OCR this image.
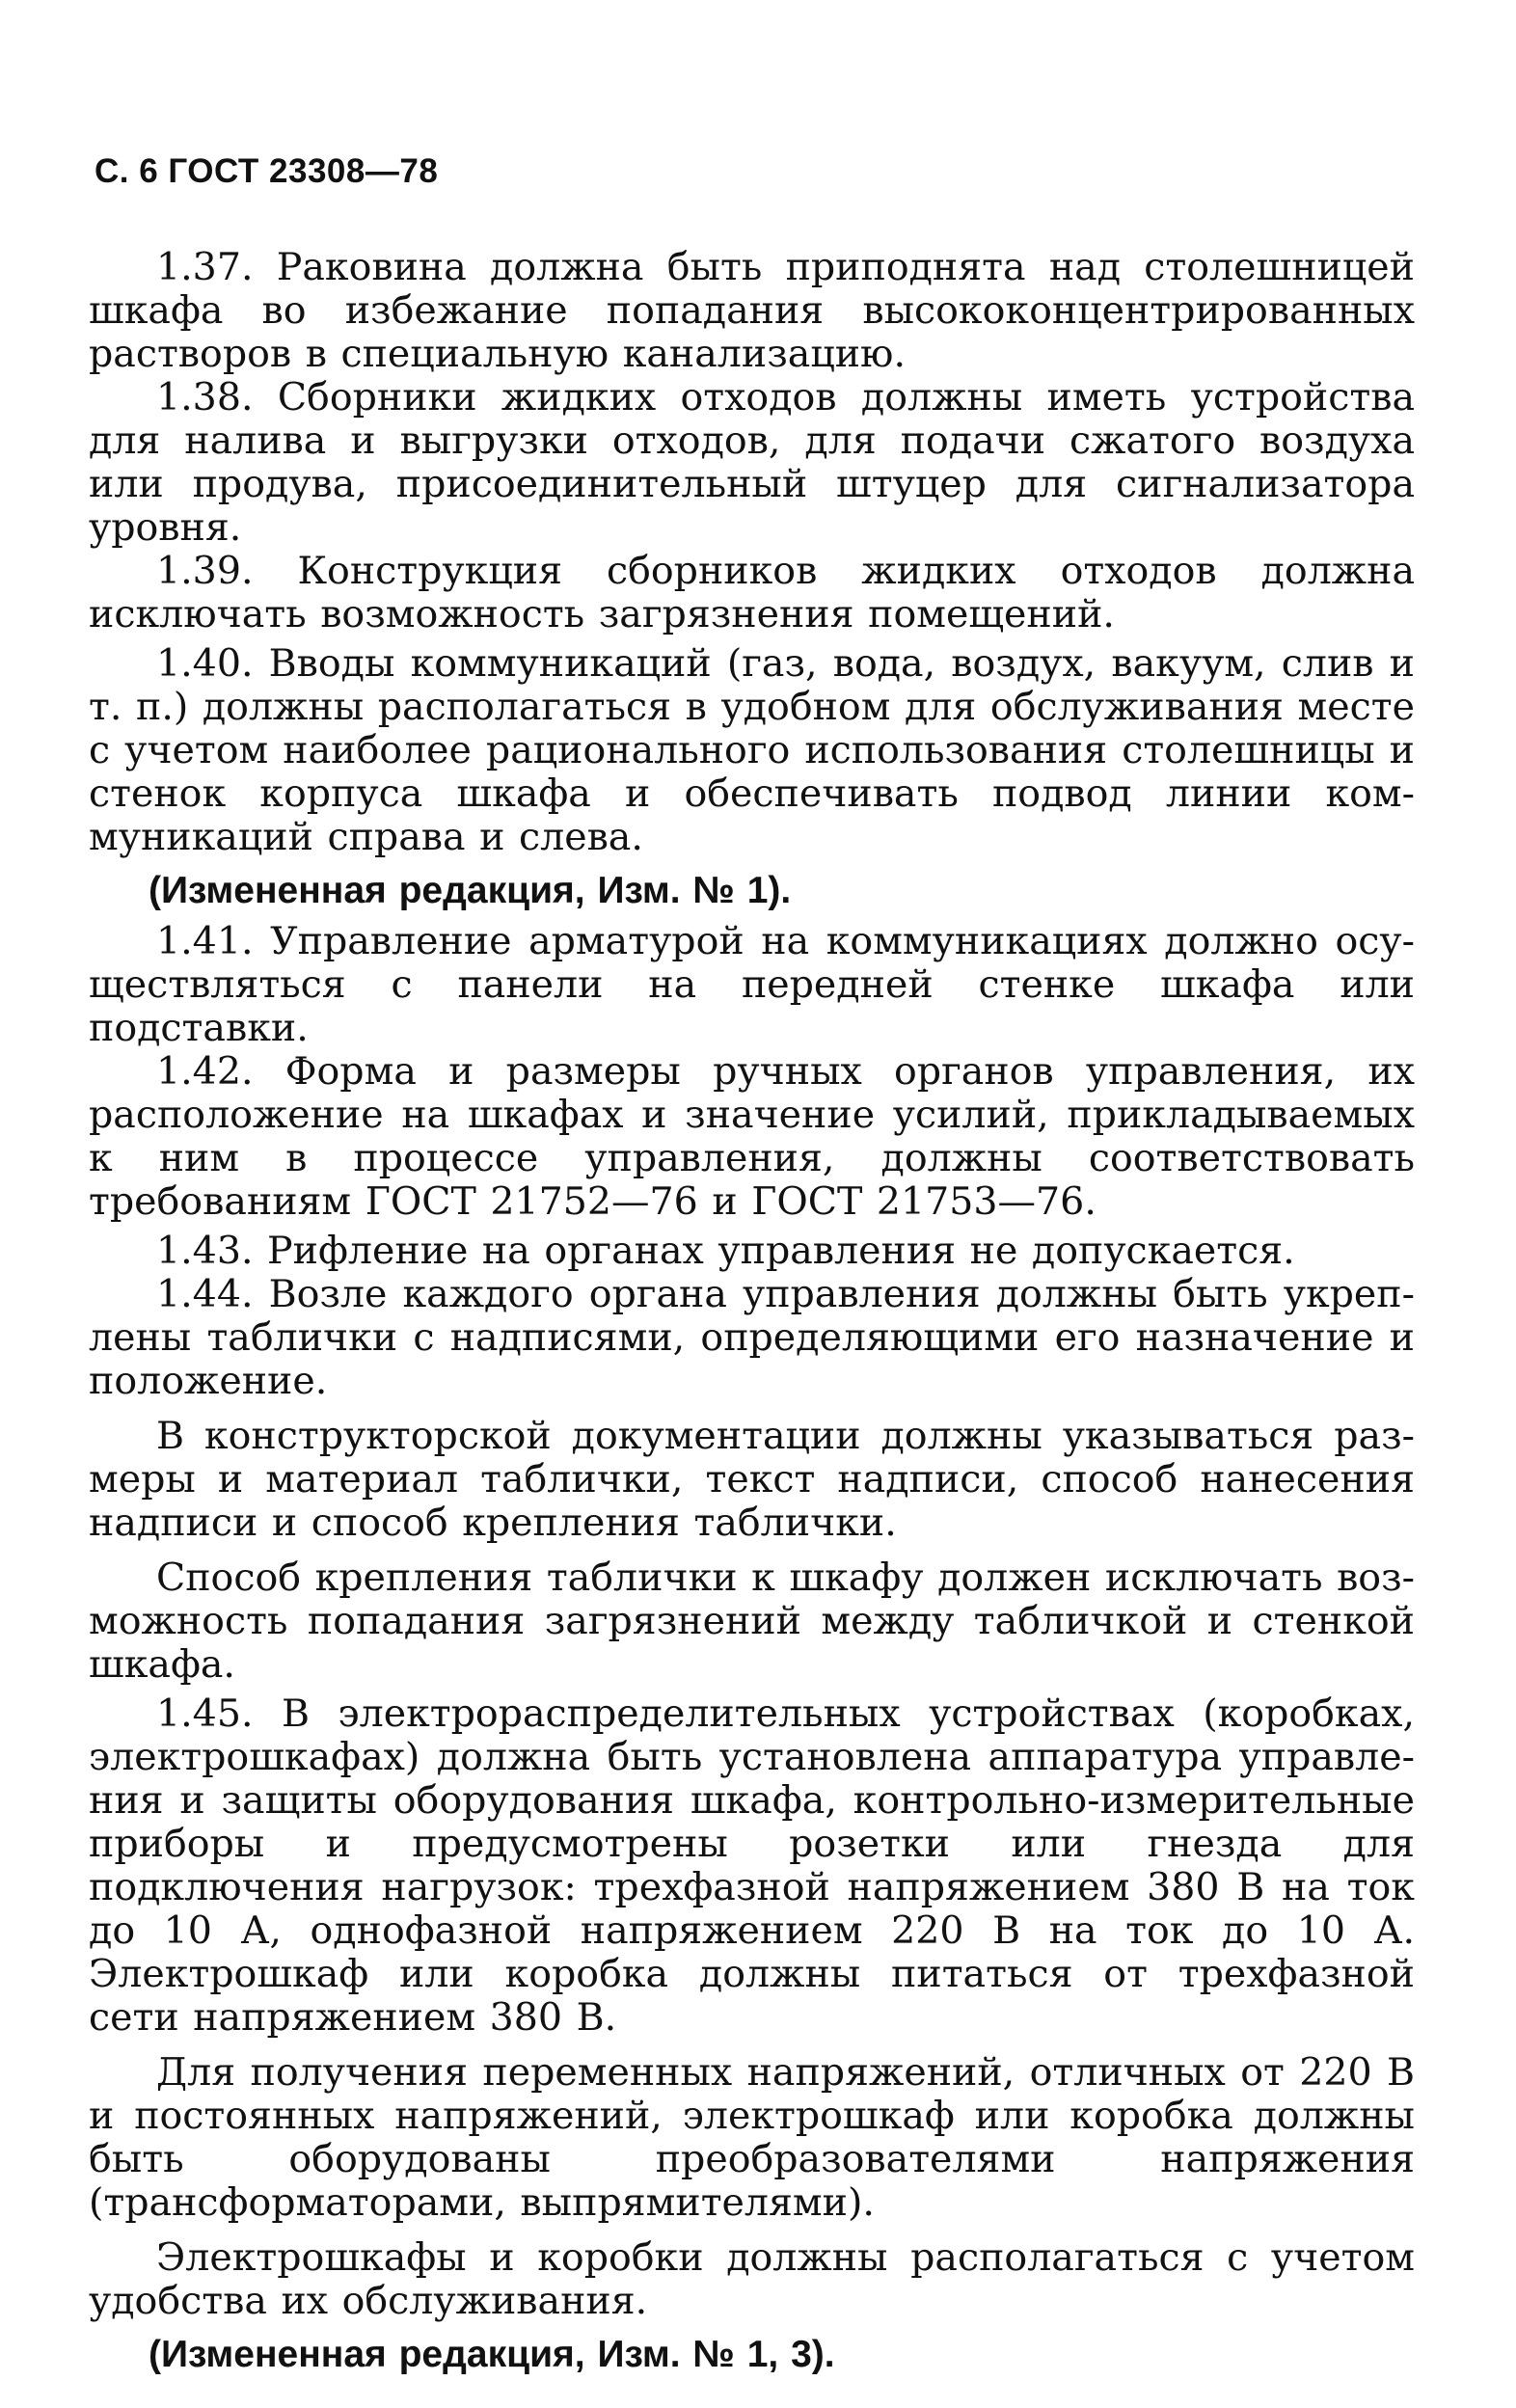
С. 6 ГОСТ 23308—78

1.37. Раковина должна быть приподнята над столешницей шкафа во избежание попадания высококонцентрированных растворов в специальную канализацию.

1.38. Сборники жидких отходов должны иметь устройства для налива и выгрузки отходов, для подачи сжатого воздуха или продува, присоединительный штуцер для сигнализатора уровня.

1.39. Конструкция сборников жидких отходов должна исключать возможность загрязнения помещений.

1.40. Вводы коммуникаций (газ, вода, воздух, вакуум, слив и т. п.) должны располагаться в удобном для обслуживания месте с учетом наиболее рационального использования столешницы и стенок корпуса шкафа и обеспечивать подвод линии коммуникаций справа и слева.

(Измененная редакция, Изм. № 1).

1.41. Управление арматурой на коммуникациях должно осуществляться с панели на передней стенке шкафа или подставки.

1.42. Форма и размеры ручных органов управления, их расположение на шкафах и значение усилий, прикладываемых к ним в процессе управления, должны соответствовать требованиям ГОСТ 21752—76 и ГОСТ 21753—76.

1.43. Рифление на органах управления не допускается.

1.44. Возле каждого органа управления должны быть укреплены таблички с надписями, определяющими его назначение и положение.

В конструкторской документации должны указываться размеры и материал таблички, текст надписи, способ нанесения надписи и способ крепления таблички.

Способ крепления таблички к шкафу должен исключать возможность попадания загрязнений между табличкой и стенкой шкафа.

1.45. В электрораспределительных устройствах (коробках, электрошкафах) должна быть установлена аппаратура управления и защиты оборудования шкафа, контрольно-измерительные приборы и предусмотрены розетки или гнезда для подключения нагрузок: трехфазной напряжением 380 В на ток до 10 А, однофазной напряжением 220 В на ток до 10 А. Электрошкаф или коробка должны питаться от трехфазной сети напряжением 380 В.

Для получения переменных напряжений, отличных от 220 В и постоянных напряжений, электрошкаф или коробка должны быть оборудованы преобразователями напряжения (трансформаторами, выпрямителями).

Электрошкафы и коробки должны располагаться с учетом удобства их обслуживания.

(Измененная редакция, Изм. № 1, 3).
